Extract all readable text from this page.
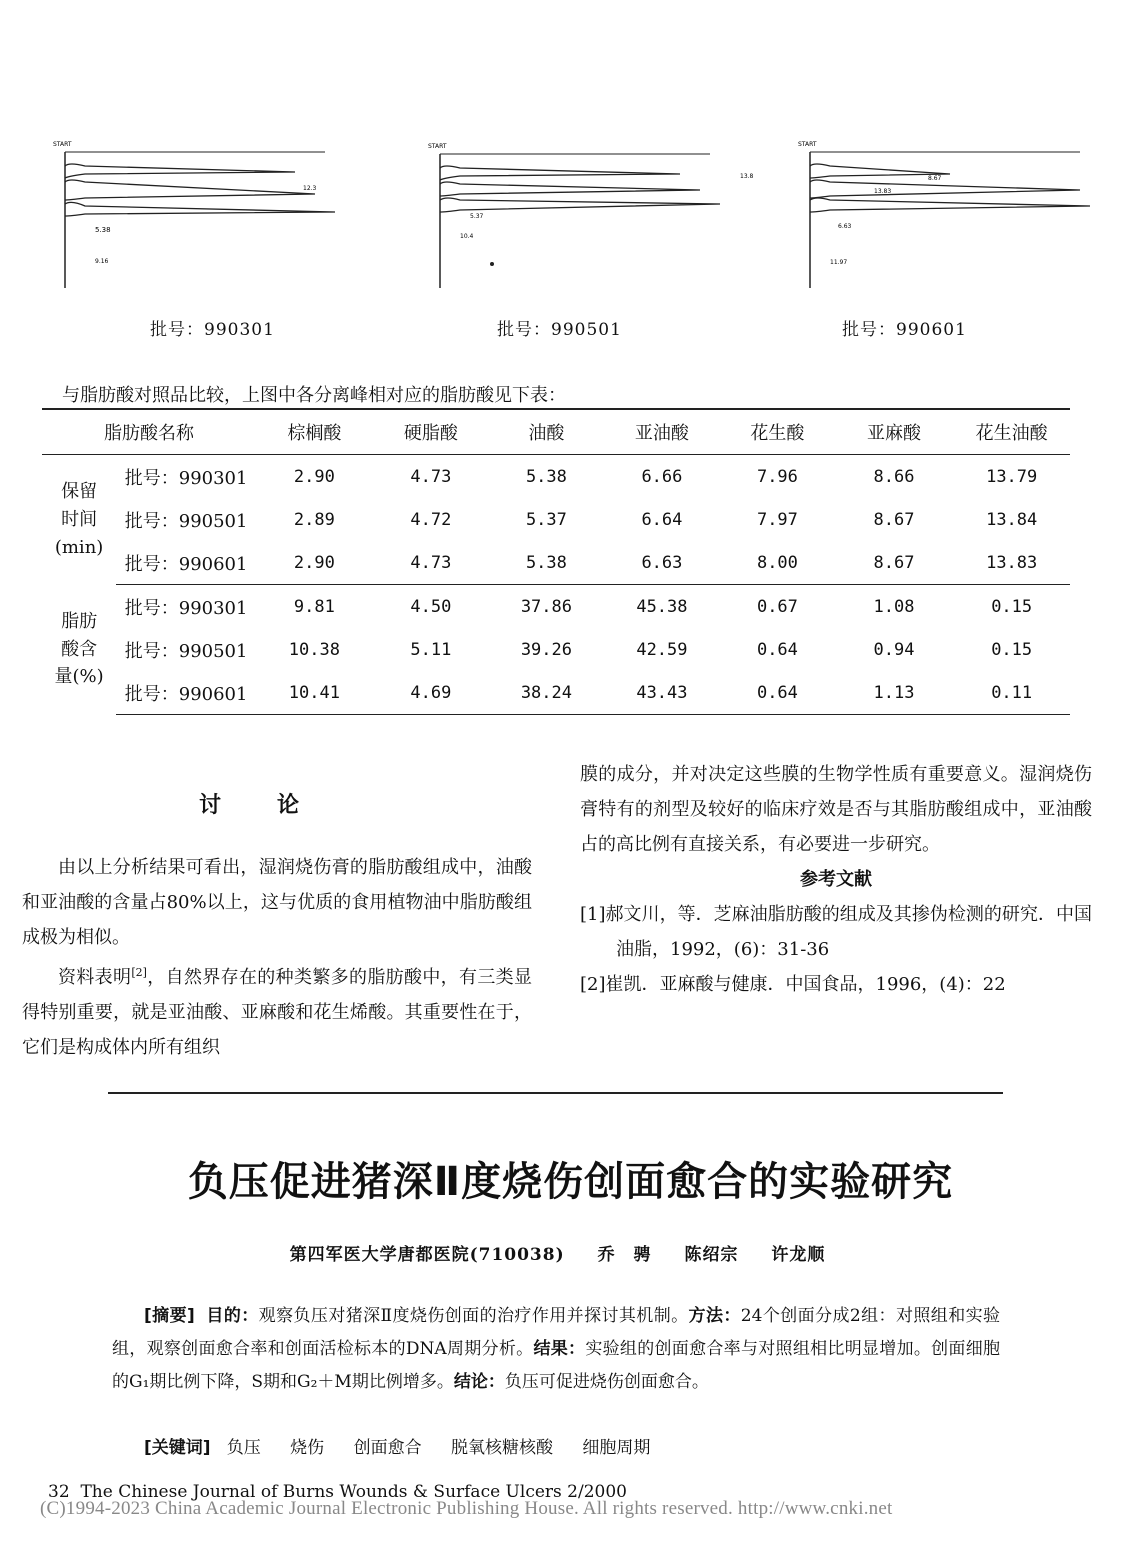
START
5.38
9.16
12.3
START
5.37
10.4
13.8
START
8.67
13.83
6.63
11.97
批号：990301	批号：990501	批号：990601
与脂肪酸对照品比较，上图中各分离峰相对应的脂肪酸见下表：
脂肪酸名称		棕榈酸	硬脂酸	油酸	亚油酸	花生酸	亚麻酸	花生油酸
保留
时间
(min)	批号：990301	2.90	4.73	5.38	6.66	7.96	8.66	13.79
	批号：990501	2.89	4.72	5.37	6.64	7.97	8.67	13.84
	批号：990601	2.90	4.73	5.38	6.63	8.00	8.67	13.83
脂肪
酸含
量(%)	批号：990301	9.81	4.50	37.86	45.38	0.67	1.08	0.15
	批号：990501	10.38	5.11	39.26	42.59	0.64	0.94	0.15
	批号：990601	10.41	4.69	38.24	43.43	0.64	1.13	0.11
讨论

由以上分析结果可看出，湿润烧伤膏的脂肪酸组成中，油酸和亚油酸的含量占80%以上，这与优质的食用植物油中脂肪酸组成极为相似。

资料表明[2]，自然界存在的种类繁多的脂肪酸中，有三类显得特别重要，就是亚油酸、亚麻酸和花生烯酸。其重要性在于，它们是构成体内所有组织

膜的成分，并对决定这些膜的生物学性质有重要意义。湿润烧伤膏特有的剂型及较好的临床疗效是否与其脂肪酸组成中，亚油酸占的高比例有直接关系，有必要进一步研究。

参考文献

[1]郝文川，等．芝麻油脂肪酸的组成及其掺伪检测的研究．中国油脂，1992，(6)：31-36

[2]崔凯．亚麻酸与健康．中国食品，1996，(4)：22

负压促进猪深Ⅱ度烧伤创面愈合的实验研究
第四军医大学唐都医院(710038) 乔　骋 陈绍宗 许龙顺
[摘要] 目的：观察负压对猪深Ⅱ度烧伤创面的治疗作用并探讨其机制。方法：24个创面分成2组：对照组和实验组，观察创面愈合率和创面活检标本的DNA周期分析。结果：实验组的创面愈合率与对照组相比明显增加。创面细胞的G₁期比例下降，S期和G₂＋M期比例增多。结论：负压可促进烧伤创面愈合。
[关键词] 负压 烧伤 创面愈合 脱氧核糖核酸 细胞周期
32 The Chinese Journal of Burns Wounds & Surface Ulcers 2/2000
(C)1994-2023 China Academic Journal Electronic Publishing House. All rights reserved. http://www.cnki.net
